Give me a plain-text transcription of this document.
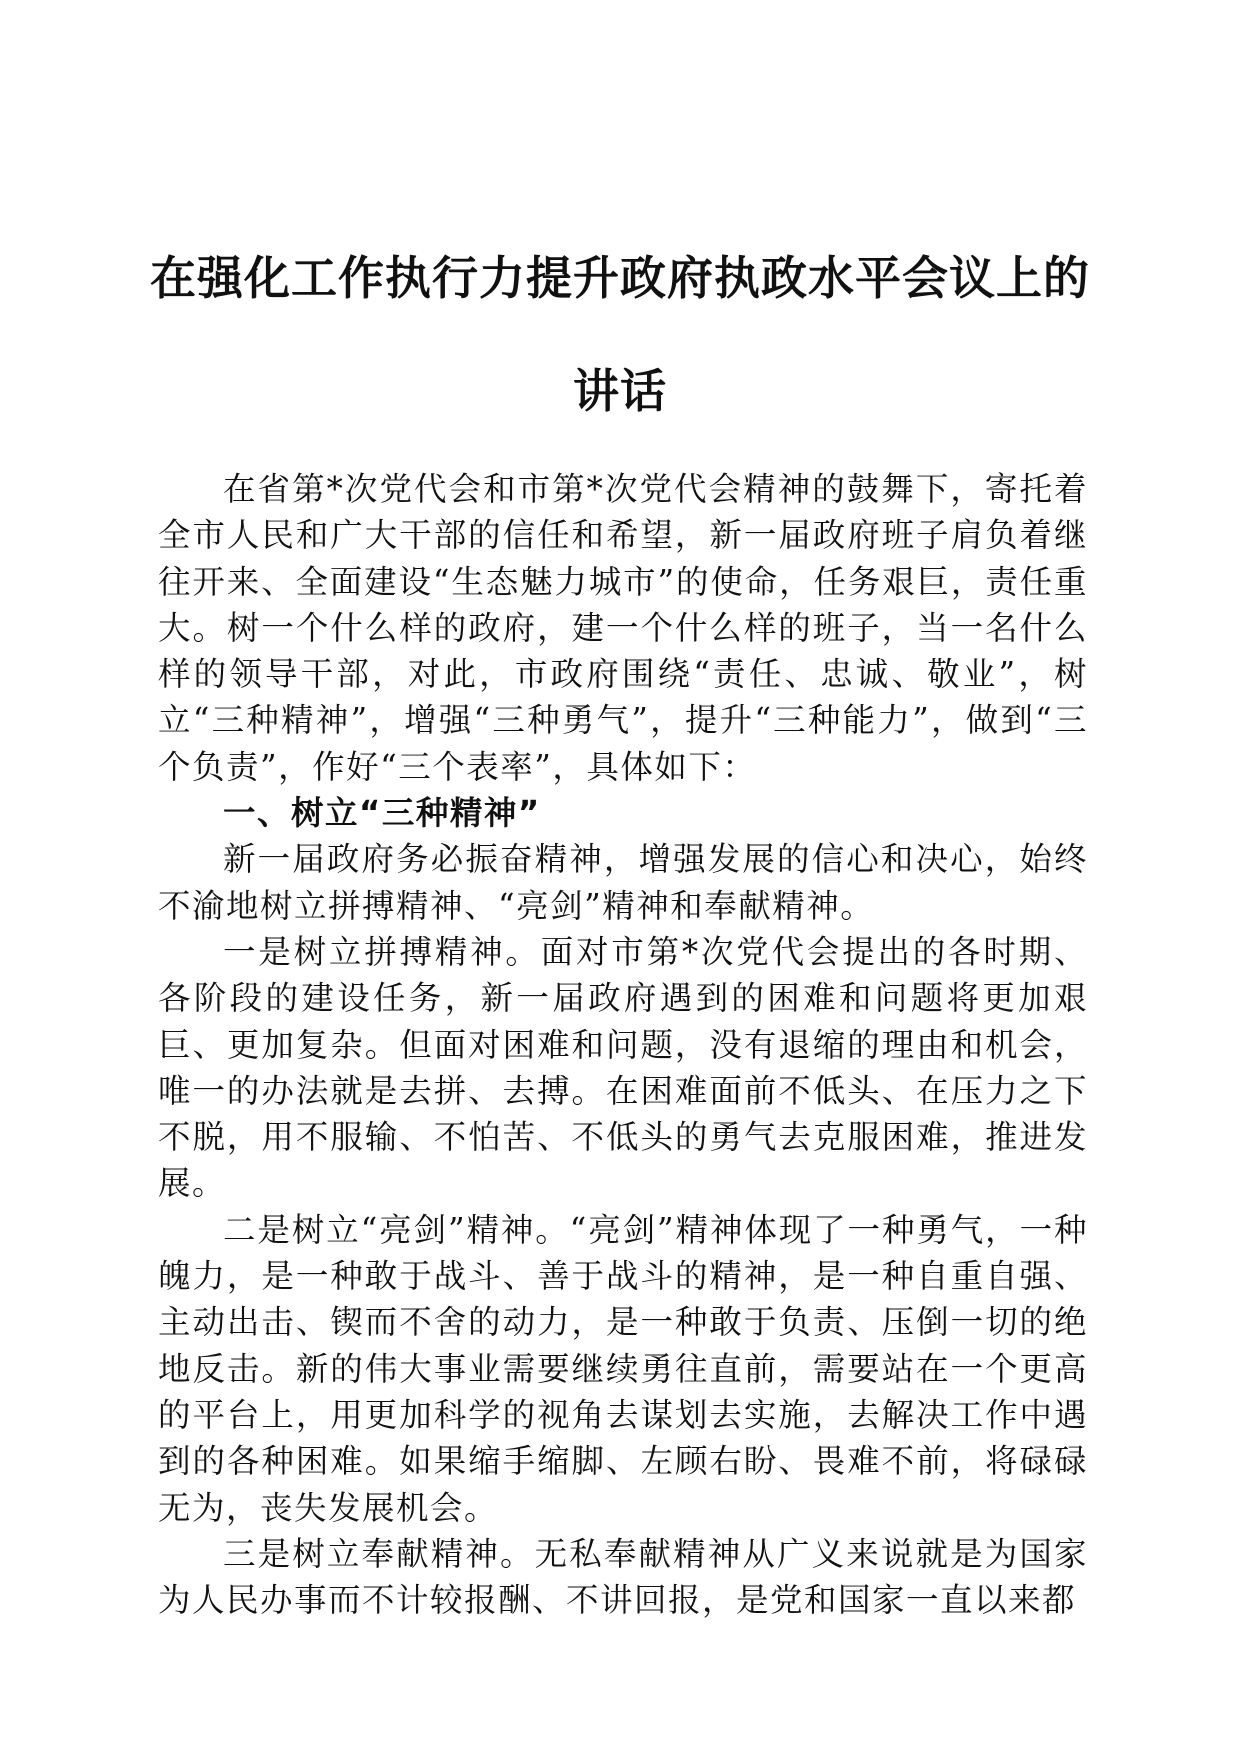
在强化工作执行力提升政府执政水平会议上的
讲话

在省第*次党代会和市第*次党代会精神的鼓舞下，寄托着全市人民和广大干部的信任和希望，新一届政府班子肩负着继往开来、全面建设“生态魅力城市”的使命，任务艰巨，责任重大。树一个什么样的政府，建一个什么样的班子，当一名什么样的领导干部，对此，市政府围绕“责任、忠诚、敬业”，树立“三种精神”，增强“三种勇气”，提升“三种能力”，做到“三个负责”，作好“三个表率”，具体如下：

一、树立“三种精神”

新一届政府务必振奋精神，增强发展的信心和决心，始终不渝地树立拼搏精神、“亮剑”精神和奉献精神。

一是树立拼搏精神。面对市第*次党代会提出的各时期、各阶段的建设任务，新一届政府遇到的困难和问题将更加艰巨、更加复杂。但面对困难和问题，没有退缩的理由和机会，唯一的办法就是去拼、去搏。在困难面前不低头、在压力之下不脱，用不服输、不怕苦、不低头的勇气去克服困难，推进发展。

二是树立“亮剑”精神。“亮剑”精神体现了一种勇气，一种魄力，是一种敢于战斗、善于战斗的精神，是一种自重自强、主动出击、锲而不舍的动力，是一种敢于负责、压倒一切的绝地反击。新的伟大事业需要继续勇往直前，需要站在一个更高的平台上，用更加科学的视角去谋划去实施，去解决工作中遇到的各种困难。如果缩手缩脚、左顾右盼、畏难不前，将碌碌无为，丧失发展机会。

三是树立奉献精神。无私奉献精神从广义来说就是为国家为人民办事而不计较报酬、不讲回报，是党和国家一直以来都
